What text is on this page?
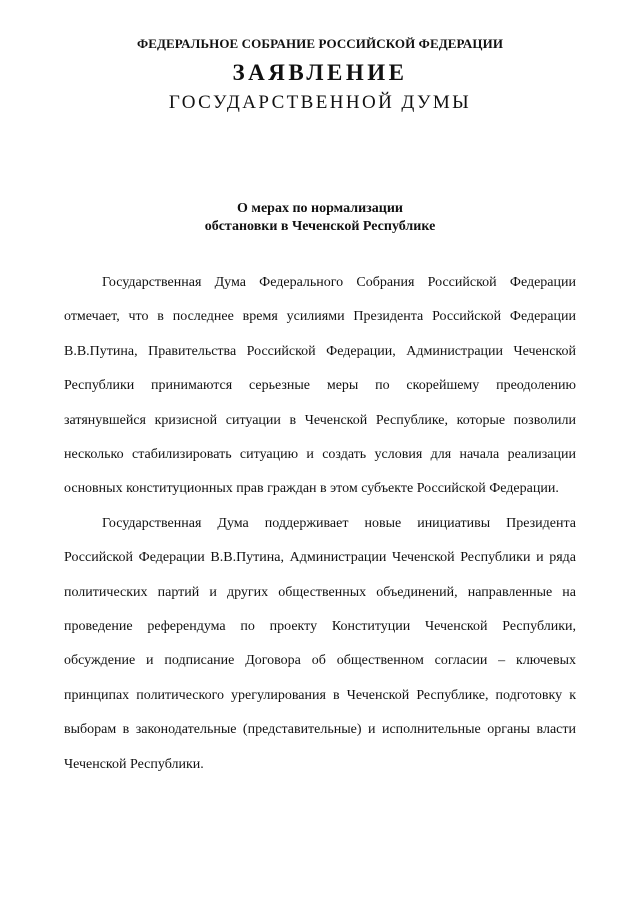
ФЕДЕРАЛЬНОЕ СОБРАНИЕ РОССИЙСКОЙ ФЕДЕРАЦИИ
ЗАЯВЛЕНИЕ
ГОСУДАРСТВЕННОЙ ДУМЫ
О мерах по нормализации
обстановки в Чеченской Республике

Государственная Дума Федерального Собрания Российской Федерации отмечает, что в последнее время усилиями Президента Российской Федерации В.В.Путина, Правительства Российской Федерации, Администрации Чеченской Республики принимаются серьезные меры по скорейшему преодолению затянувшейся кризисной ситуации в Чеченской Республике, которые позволили несколько стабилизировать ситуацию и создать условия для начала реализации основных конституционных прав граждан в этом субъекте Российской Федерации.

Государственная Дума поддерживает новые инициативы Президента Российской Федерации В.В.Путина, Администрации Чеченской Республики и ряда политических партий и других общественных объединений, направленные на проведение референдума по проекту Конституции Чеченской Республики, обсуждение и подписание Договора об общественном согласии – ключевых принципах политического урегулирования в Чеченской Республике, подготовку к выборам в законодательные (представительные) и исполнительные органы власти Чеченской Республики.
